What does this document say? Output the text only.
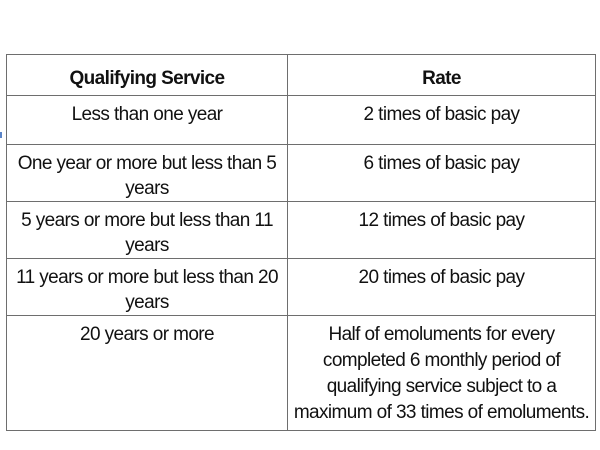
Qualifying Service	Rate
Less than one year	2 times of basic pay
One year or more but less than 5 years	6 times of basic pay
5 years or more but less than 11 years	12 times of basic pay
11 years or more but less than 20 years	20 times of basic pay
20 years or more	Half of emoluments for every completed 6 monthly period of qualifying service subject to a maximum of 33 times of emoluments.
